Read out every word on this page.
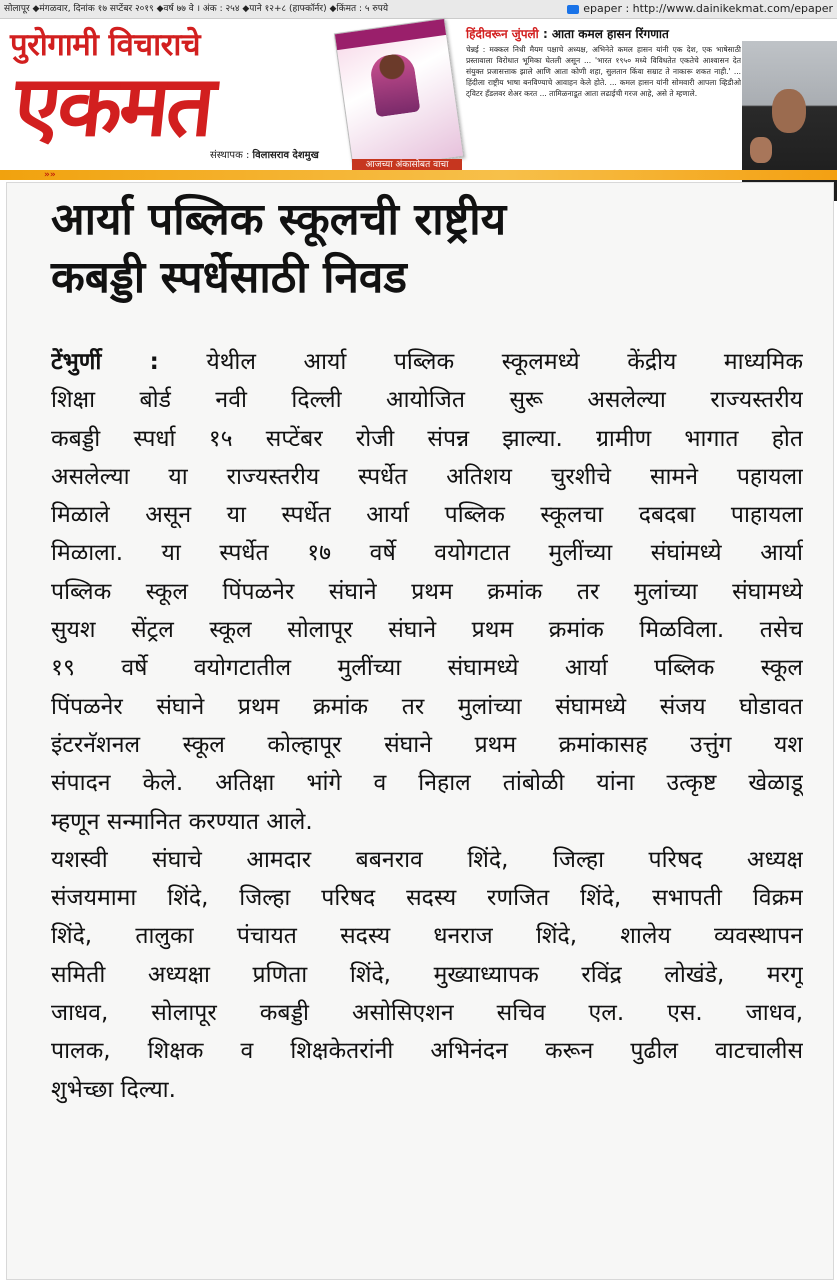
सोलापूर ◆मंगळवार, दिनांक १७ सप्टेंबर २०१९ ◆वर्ष ७७ वे । अंक : २५४ ◆पाने १२+८ (हाफ्कॉर्नर) ◆किंमत : ५ रुपये	epaper : http://www.dainikekmat.com/epaper
पुरोगामी विचाराचे
एकमत
संस्थापक : विलासराव देशमुख
आजच्या अंकासोबत वाचा
हिंदीवरून जुंपली : आता कमल हासन रिंगणात
चेन्नई : मक्कल निधी मैयम पक्षाचे अध्यक्ष, अभिनेते कमल हासन यांनी एक देश, एक भाषेसाठी प्रस्तावाला विरोधात भूमिका घेतली असून ... 'भारत १९५० मध्ये विविधतेत एकतेचे आश्वासन देत संयुक्त प्रजासत्ताक झाले आणि आता कोणी शहा, सुलतान किंवा सम्राट ते नाकारू शकत नाही.' ... हिंदीला राष्ट्रीय भाषा बनविण्याचे आवाहन केले होते. ... कमल हासन यांनी सोमवारी आपला व्हिडीओ ट्विटर हँडलवर शेअर करत ... तामिळनाडूत आता लढाईची गरज आहे, असे ते म्हणाले.
»»
आर्या पब्लिक स्कूलची राष्ट्रीय
कबड्डी स्पर्धेसाठी निवड
टेंभुर्णी : येथील आर्या पब्लिक स्कूलमध्ये केंद्रीय माध्यमिक
शिक्षा बोर्ड नवी दिल्ली आयोजित सुरू असलेल्या राज्यस्तरीय
कबड्डी स्पर्धा १५ सप्टेंबर रोजी संपन्न झाल्या. ग्रामीण भागात होत
असलेल्या या राज्यस्तरीय स्पर्धेत अतिशय चुरशीचे सामने पहायला
मिळाले असून या स्पर्धेत आर्या पब्लिक स्कूलचा दबदबा पाहायला
मिळाला. या स्पर्धेत १७ वर्षे वयोगटात मुलींच्या संघांमध्ये आर्या
पब्लिक स्कूल पिंपळनेर संघाने प्रथम क्रमांक तर मुलांच्या संघामध्ये
सुयश सेंट्रल स्कूल सोलापूर संघाने प्रथम क्रमांक मिळविला. तसेच
१९ वर्षे वयोगटातील मुलींच्या संघामध्ये आर्या पब्लिक स्कूल
पिंपळनेर संघाने प्रथम क्रमांक तर मुलांच्या संघामध्ये संजय घोडावत
इंटरनॅशनल स्कूल कोल्हापूर संघाने प्रथम क्रमांकासह उत्तुंग यश
संपादन केले. अतिक्षा भांगे व निहाल तांबोळी यांना उत्कृष्ट खेळाडू
म्हणून सन्मानित करण्यात आले.
यशस्वी संघाचे आमदार बबनराव शिंदे, जिल्हा परिषद अध्यक्ष
संजयमामा शिंदे, जिल्हा परिषद सदस्य रणजित शिंदे, सभापती विक्रम
शिंदे, तालुका पंचायत सदस्य धनराज शिंदे, शालेय व्यवस्थापन
समिती अध्यक्षा प्रणिता शिंदे, मुख्याध्यापक रविंद्र लोखंडे, मरगू
जाधव, सोलापूर कबड्डी असोसिएशन सचिव एल. एस. जाधव,
पालक, शिक्षक व शिक्षकेतरांनी अभिनंदन करून पुढील वाटचालीस
शुभेच्छा दिल्या.
